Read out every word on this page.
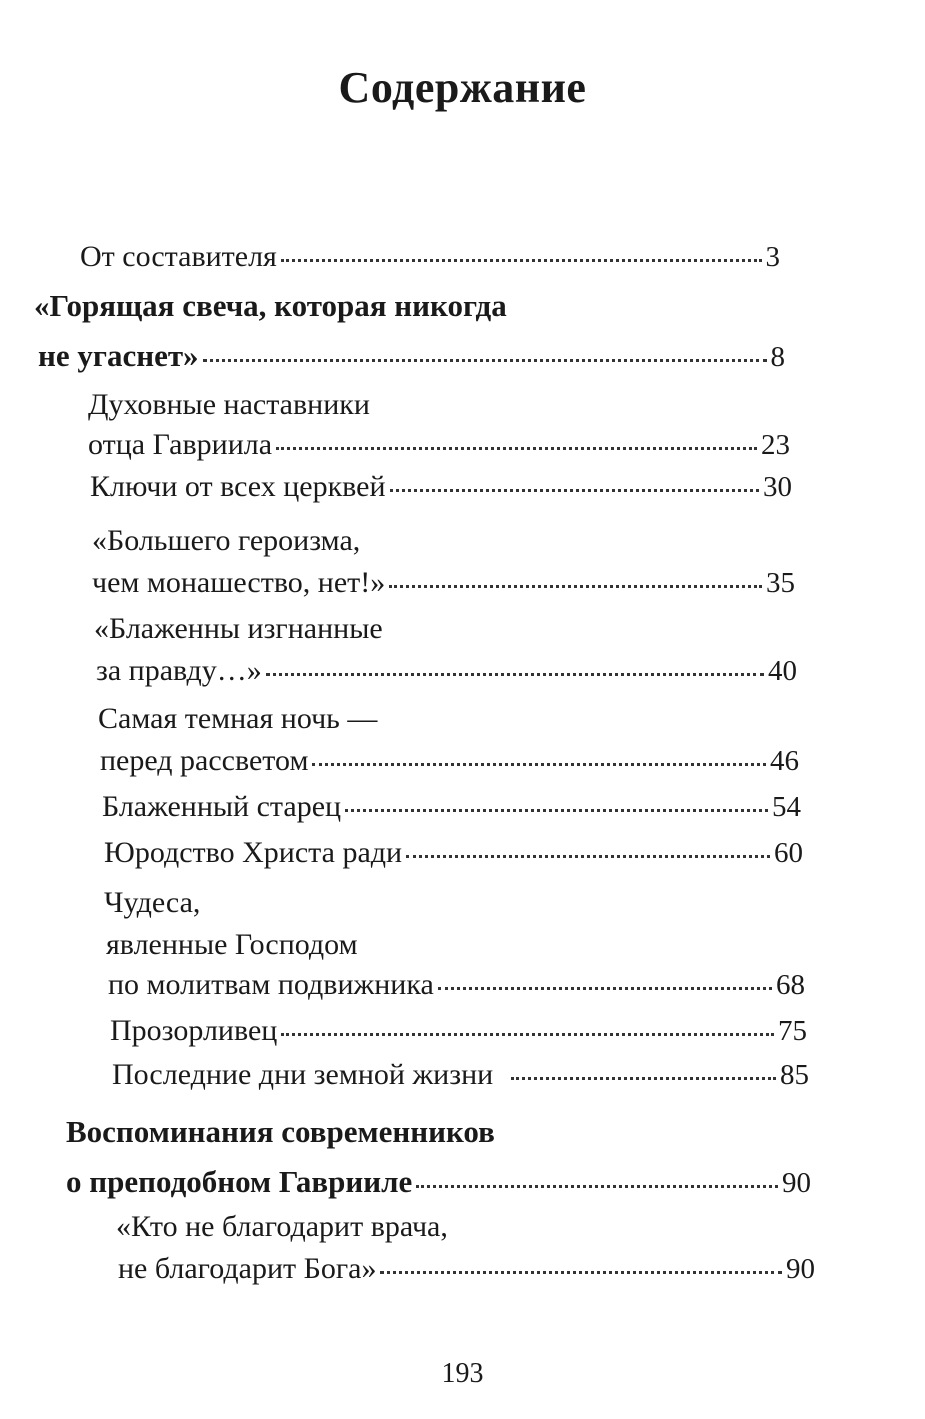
Содержание
От составителя	3
«Горящая свеча, которая никогда
не угаснет»	8
Духовные наставники
отца Гавриила	23
Ключи от всех церквей	30
«Большего героизма,
чем монашество, нет!»	35
«Блаженны изгнанные
за правду…»	40
Самая темная ночь —
перед рассветом	46
Блаженный старец	54
Юродство Христа ради	60
Чудеса,
явленные Господом
по молитвам подвижника	68
Прозорливец	75
Последние дни земной жизни	85
Воспоминания современников
о преподобном Гаврииле	90
«Кто не благодарит врача,
не благодарит Бога»	90
193
